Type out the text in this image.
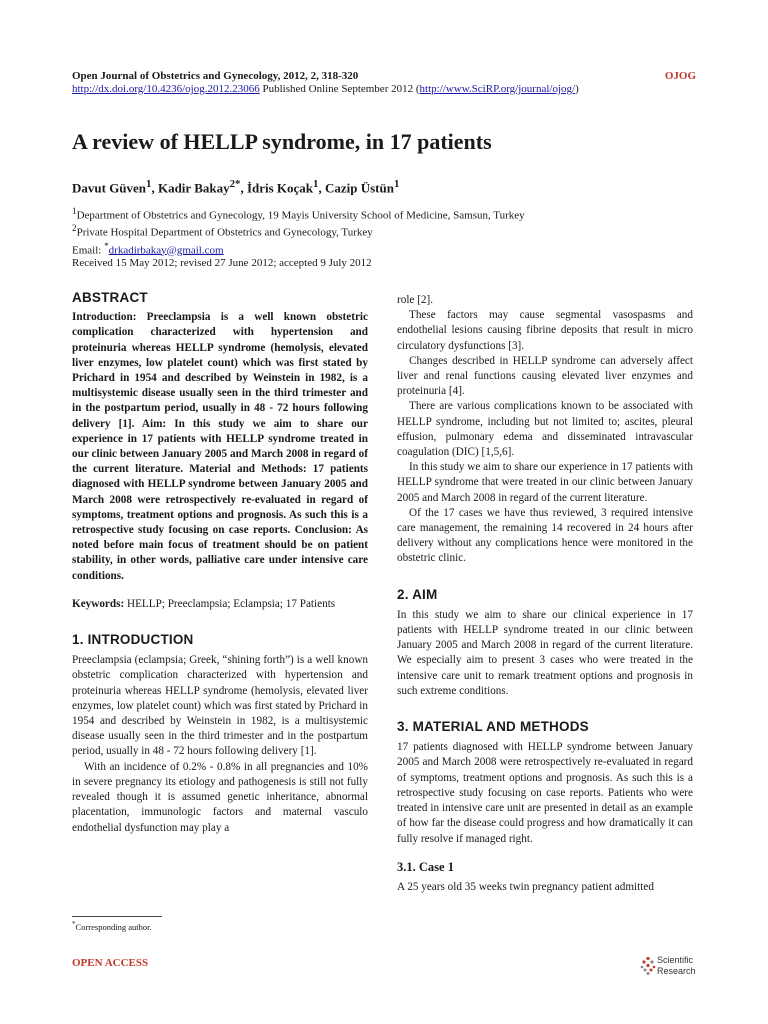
Open Journal of Obstetrics and Gynecology, 2012, 2, 318-320	OJOG
http://dx.doi.org/10.4236/ojog.2012.23066 Published Online September 2012 (http://www.SciRP.org/journal/ojog/)
A review of HELLP syndrome, in 17 patients
Davut Güven$^1$, Kadir Bakay$^{2*}$, İdris Koçak$^1$, Cazip Üstün$^1$
$^1$Department of Obstetrics and Gynecology, 19 Mayis University School of Medicine, Samsun, Turkey
$^2$Private Hospital Department of Obstetrics and Gynecology, Turkey
Email: *drkadirbakay@gmail.com
Received 15 May 2012; revised 27 June 2012; accepted 9 July 2012
ABSTRACT

Introduction: Preeclampsia is a well known obstetric complication characterized with hypertension and proteinuria whereas HELLP syndrome (hemolysis, elevated liver enzymes, low platelet count) which was first stated by Prichard in 1954 and described by Weinstein in 1982, is a multisystemic disease usually seen in the third trimester and in the postpartum period, usually in 48 - 72 hours following delivery [1]. Aim: In this study we aim to share our experience in 17 patients with HELLP syndrome treated in our clinic between January 2005 and March 2008 in regard of the current literature. Material and Methods: 17 patients diagnosed with HELLP syndrome between January 2005 and March 2008 were retrospectively re-evaluated in regard of symptoms, treatment options and prognosis. As such this is a retrospective study focusing on case reports. Conclusion: As noted before main focus of treatment should be on patient stability, in other words, palliative care under intensive care conditions.

Keywords: HELLP; Preeclampsia; Eclampsia; 17 Patients

1. INTRODUCTION

Preeclampsia (eclampsia; Greek, “shining forth”) is a well known obstetric complication characterized with hypertension and proteinuria whereas HELLP syndrome (hemolysis, elevated liver enzymes, low platelet count) which was first stated by Prichard in 1954 and described by Weinstein in 1982, is a multisystemic disease usually seen in the third trimester and in the postpartum period, usually in 48 - 72 hours following delivery [1].

With an incidence of 0.2% - 0.8% in all pregnancies and 10% in severe pregnancy its etiology and pathogenesis is still not fully revealed though it is assumed genetic inheritance, abnormal placentation, immunologic factors and maternal vasculo endothelial dysfunction may play a

role [2].

These factors may cause segmental vasospasms and endothelial lesions causing fibrine deposits that result in micro circulatory dysfunctions [3].

Changes described in HELLP syndrome can adversely affect liver and renal functions causing elevated liver enzymes and proteinuria [4].

There are various complications known to be associated with HELLP syndrome, including but not limited to; ascites, pleural effusion, pulmonary edema and disseminated intravascular coagulation (DIC) [1,5,6].

In this study we aim to share our experience in 17 patients with HELLP syndrome that were treated in our clinic between January 2005 and March 2008 in regard of the current literature.

Of the 17 cases we have thus reviewed, 3 required intensive care management, the remaining 14 recovered in 24 hours after delivery without any complications hence were monitored in the obstetric clinic.

2. AIM

In this study we aim to share our clinical experience in 17 patients with HELLP syndrome treated in our clinic between January 2005 and March 2008 in regard of the current literature. We especially aim to present 3 cases who were treated in the intensive care unit to remark treatment options and prognosis in such extreme conditions.

3. MATERIAL AND METHODS

17 patients diagnosed with HELLP syndrome between January 2005 and March 2008 were retrospectively re-evaluated in regard of symptoms, treatment options and prognosis. As such this is a retrospective study focusing on case reports. Patients who were treated in intensive care unit are presented in detail as an example of how far the disease could progress and how dramatically it can fully resolve if managed right.

3.1. Case 1

A 25 years old 35 weeks twin pregnancy patient admitted

*Corresponding author.
OPEN ACCESS	Scientific
Research
